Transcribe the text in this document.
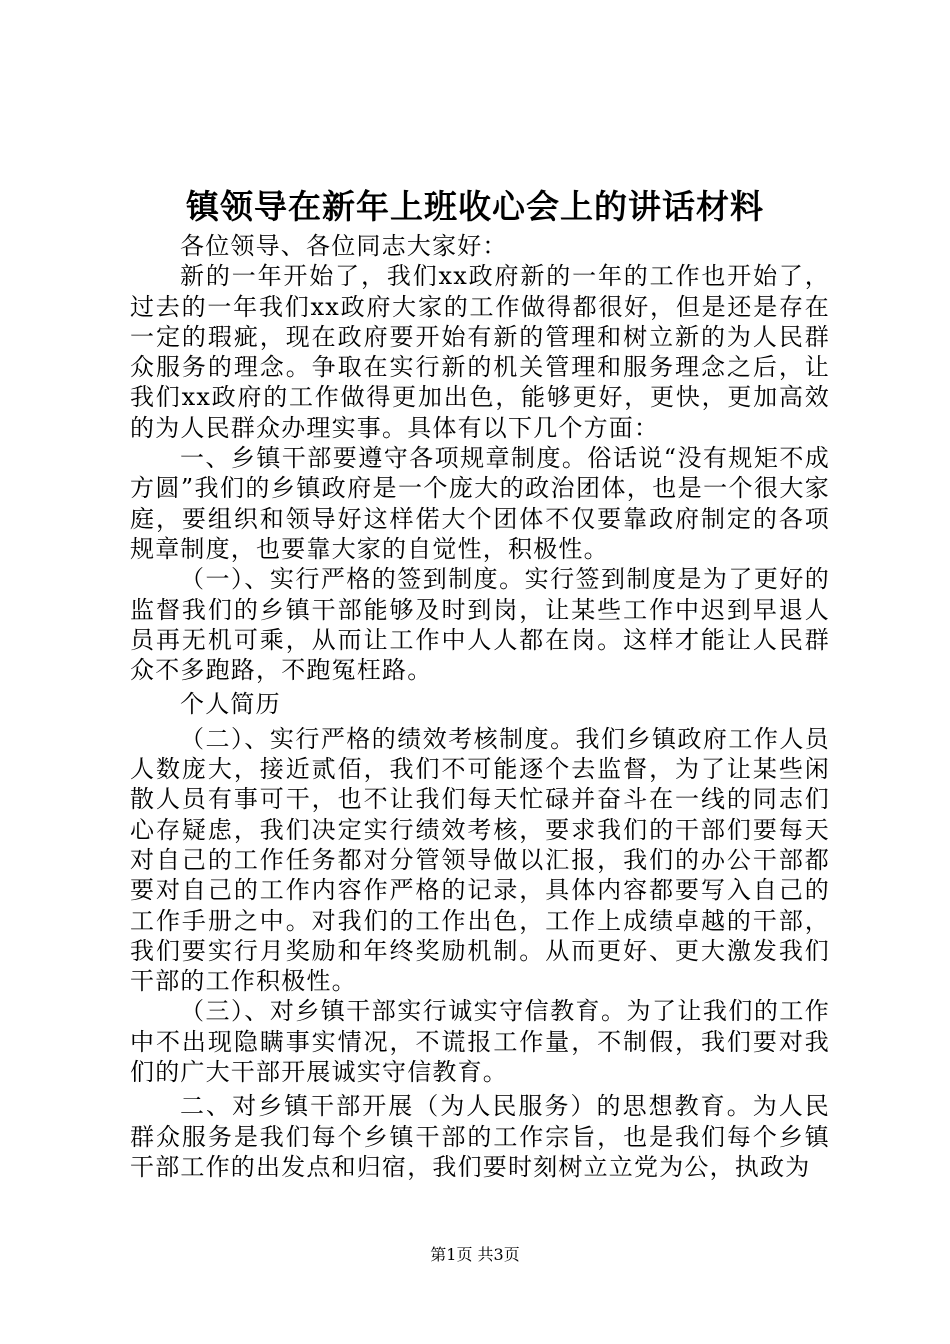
镇领导在新年上班收心会上的讲话材料

各位领导、各位同志大家好：

新的一年开始了，我们xx政府新的一年的工作也开始了，过去的一年我们xx政府大家的工作做得都很好，但是还是存在一定的瑕疵，现在政府要开始有新的管理和树立新的为人民群众服务的理念。争取在实行新的机关管理和服务理念之后，让我们xx政府的工作做得更加出色，能够更好，更快，更加高效的为人民群众办理实事。具体有以下几个方面：

一、乡镇干部要遵守各项规章制度。俗话说“没有规矩不成方圆”我们的乡镇政府是一个庞大的政治团体，也是一个很大家庭，要组织和领导好这样偌大个团体不仅要靠政府制定的各项规章制度，也要靠大家的自觉性，积极性。

（一）、实行严格的签到制度。实行签到制度是为了更好的监督我们的乡镇干部能够及时到岗，让某些工作中迟到早退人员再无机可乘，从而让工作中人人都在岗。这样才能让人民群众不多跑路，不跑冤枉路。

个人简历

（二）、实行严格的绩效考核制度。我们乡镇政府工作人员人数庞大，接近贰佰，我们不可能逐个去监督，为了让某些闲散人员有事可干，也不让我们每天忙碌并奋斗在一线的同志们心存疑虑，我们决定实行绩效考核，要求我们的干部们要每天对自己的工作任务都对分管领导做以汇报，我们的办公干部都要对自己的工作内容作严格的记录，具体内容都要写入自己的工作手册之中。对我们的工作出色，工作上成绩卓越的干部，我们要实行月奖励和年终奖励机制。从而更好、更大激发我们干部的工作积极性。

（三）、对乡镇干部实行诚实守信教育。为了让我们的工作中不出现隐瞒事实情况，不谎报工作量，不制假，我们要对我们的广大干部开展诚实守信教育。

二、对乡镇干部开展（为人民服务）的思想教育。为人民群众服务是我们每个乡镇干部的工作宗旨，也是我们每个乡镇干部工作的出发点和归宿，我们要时刻树立立党为公，执政为

第1页 共3页
